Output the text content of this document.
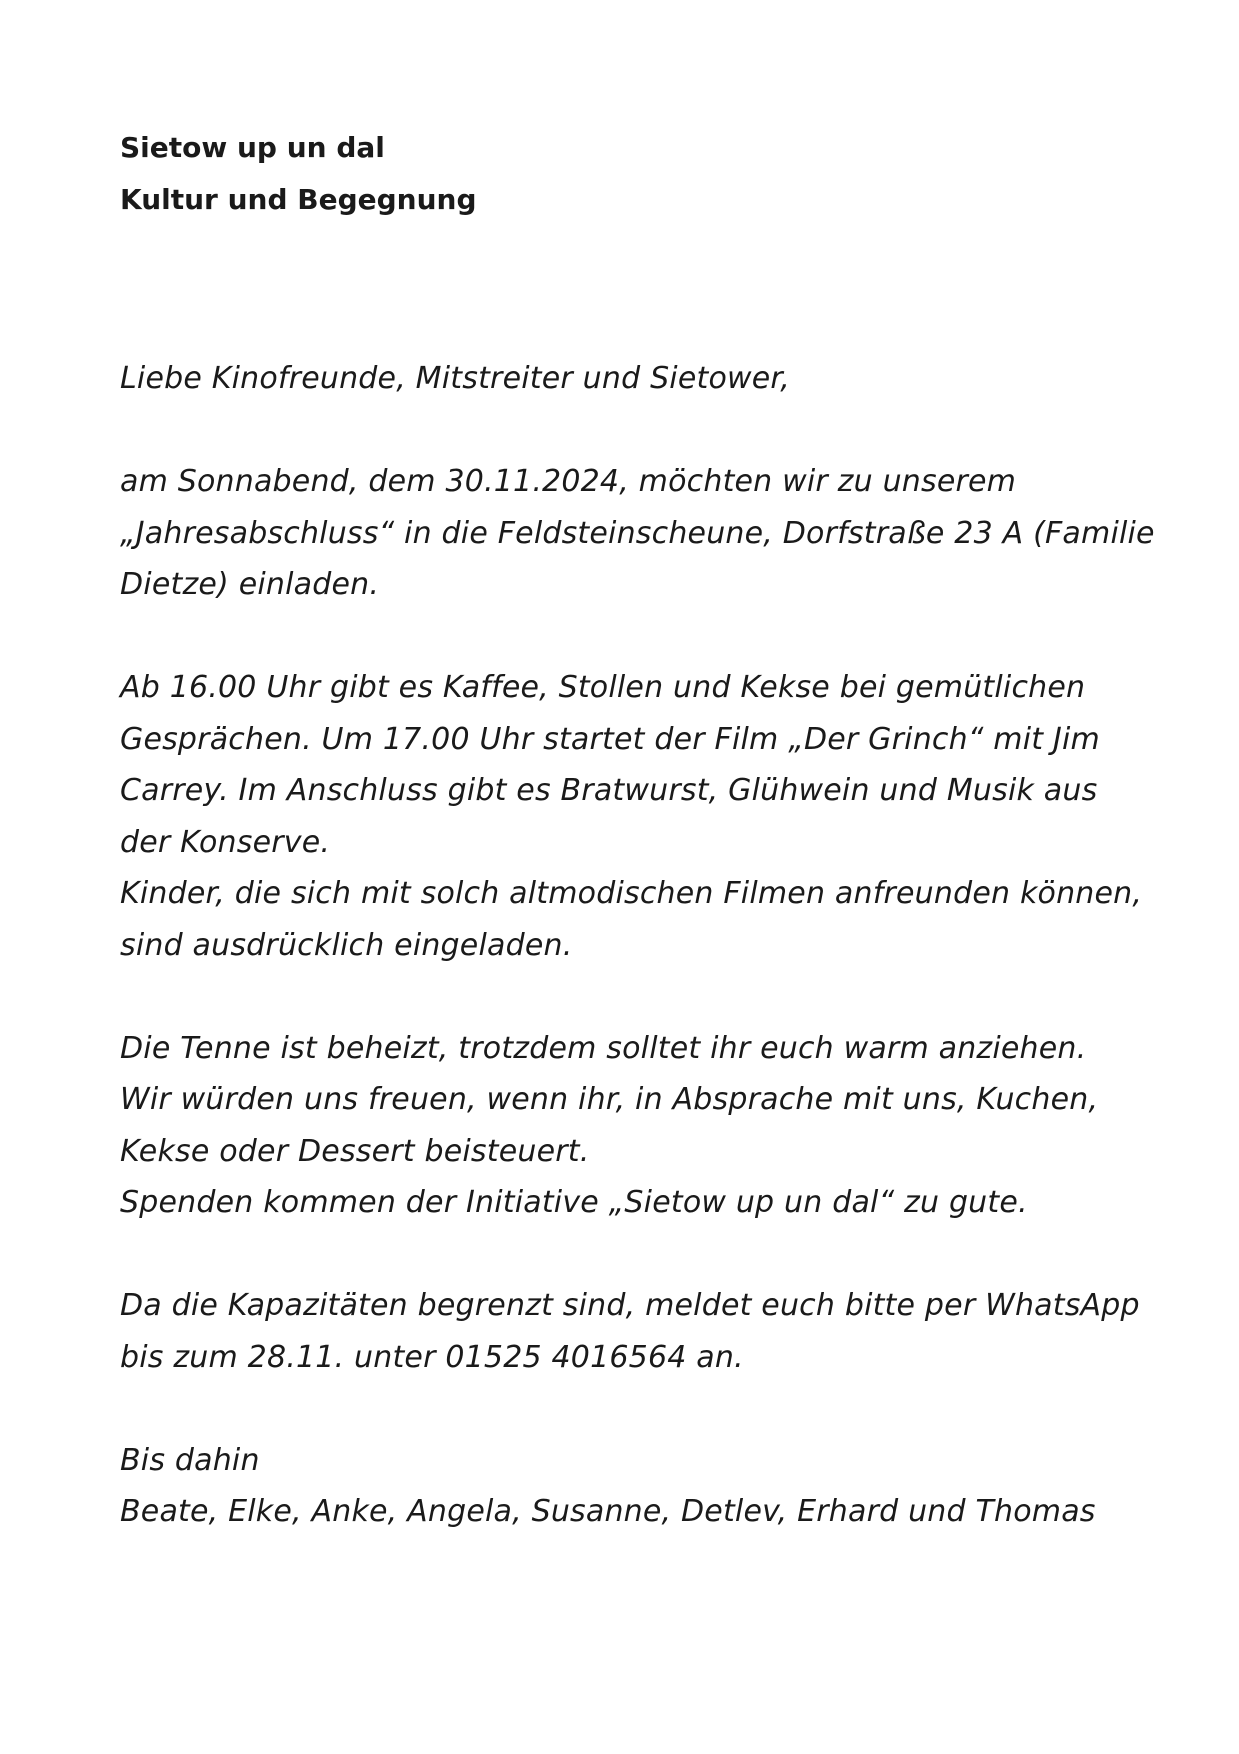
Sietow up un dal
Kultur und Begegnung
Liebe Kinofreunde, Mitstreiter und Sietower,
am Sonnabend, dem 30.11.2024, möchten wir zu unserem
„Jahresabschluss“ in die Feldsteinscheune, Dorfstraße 23 A (Familie
Dietze) einladen.
Ab 16.00 Uhr gibt es Kaffee, Stollen und Kekse bei gemütlichen
Gesprächen. Um 17.00 Uhr startet der Film „Der Grinch“ mit Jim
Carrey. Im Anschluss gibt es Bratwurst, Glühwein und Musik aus
der Konserve.
Kinder, die sich mit solch altmodischen Filmen anfreunden können,
sind ausdrücklich eingeladen.
Die Tenne ist beheizt, trotzdem solltet ihr euch warm anziehen.
Wir würden uns freuen, wenn ihr, in Absprache mit uns, Kuchen,
Kekse oder Dessert beisteuert.
Spenden kommen der Initiative „Sietow up un dal“ zu gute.
Da die Kapazitäten begrenzt sind, meldet euch bitte per WhatsApp
bis zum 28.11. unter 01525 4016564 an.
Bis dahin
Beate, Elke, Anke, Angela, Susanne, Detlev, Erhard und Thomas
